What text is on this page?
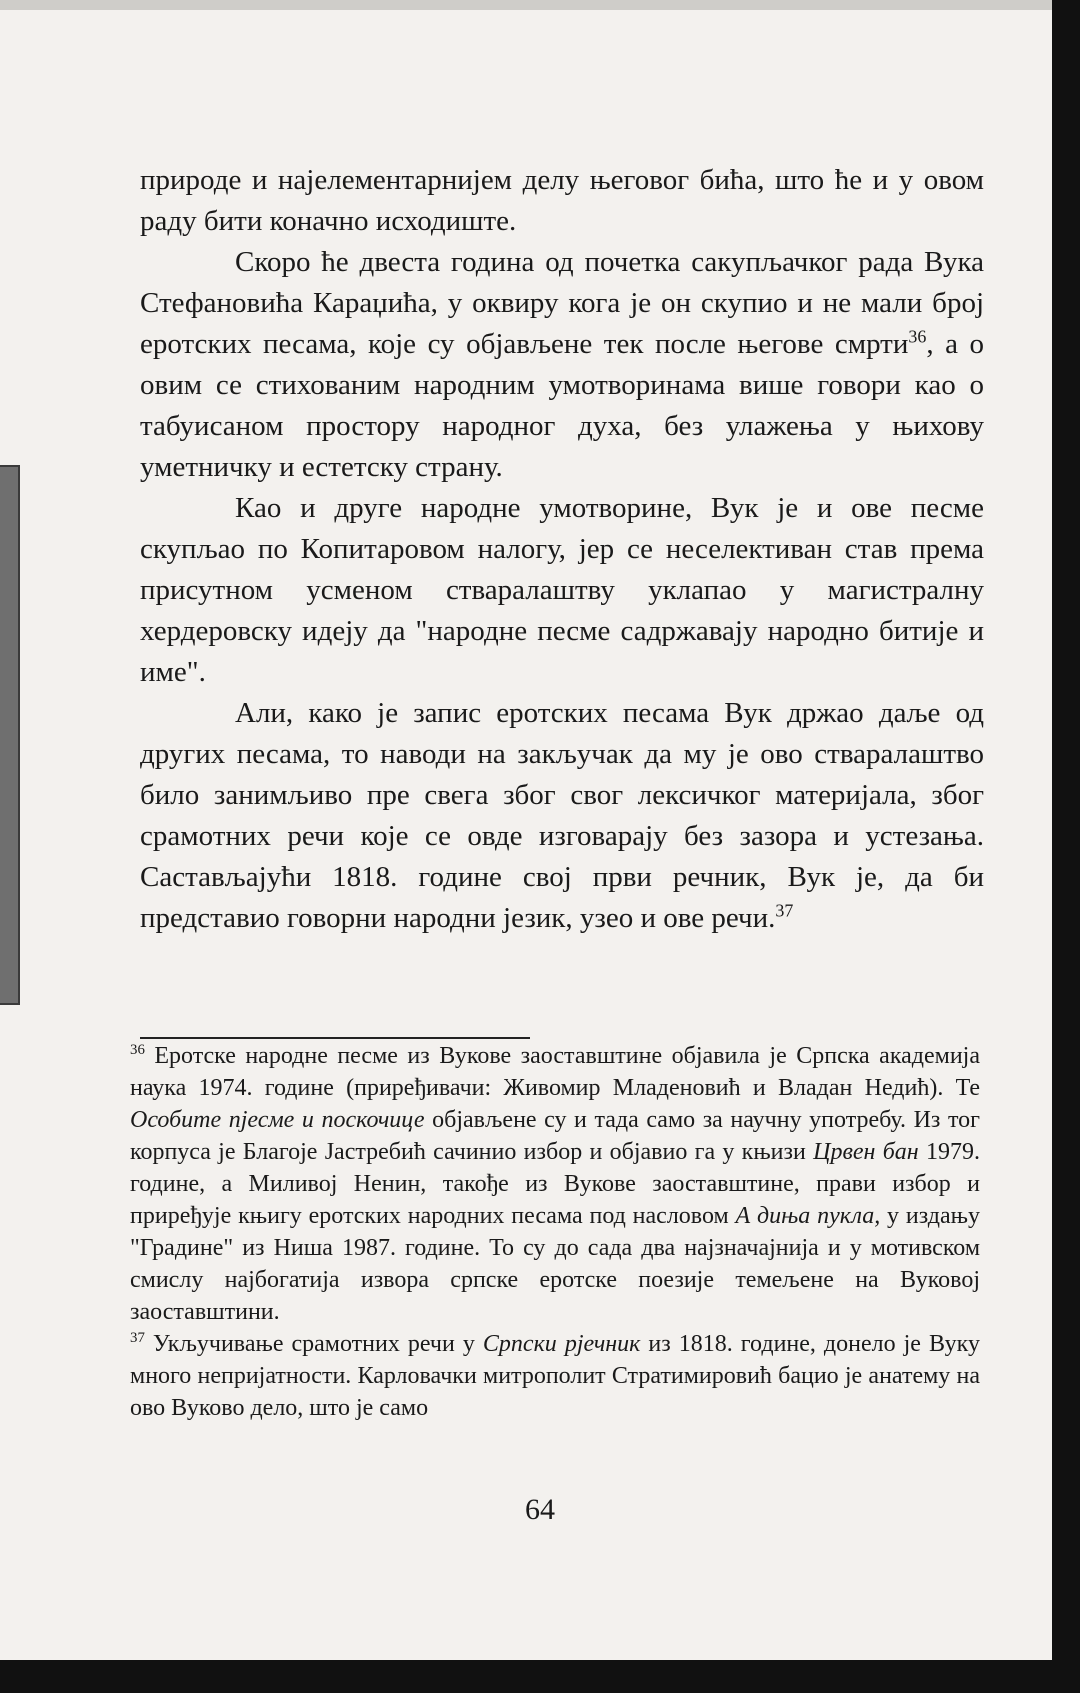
природе и најелементарнијем делу његовог бића, што ће и у овом раду бити коначно исходиште.

Скоро ће двеста година од почетка сакупљачког рада Вука Стефановића Караџића, у оквиру кога је он скупио и не мали број еротских песама, које су објављене тек после његове смрти$^{36}$, а о овим се стихованим народним умотворинама више говори као о табуисаном простору народног духа, без улажења у њихову уметничку и естетску страну.

Као и друге народне умотворине, Вук је и ове песме скупљао по Копитаровом налогу, јер се неселективан став према присутном усменом стваралаштву уклапао у магистралну хердеровску идеју да "народне песме садржавају народно битије и име".

Али, како је запис еротских песама Вук држао даље од других песама, то наводи на закључак да му је ово стваралаштво било занимљиво пре свега због свог лексичког материјала, због срамотних речи које се овде изговарају без зазора и устезања. Састављајући 1818. године свој први речник, Вук је, да би представио говорни народни језик, узео и ове речи.$^{37}$

$^{36}$ Еротске народне песме из Вукове заоставштине објавила је Српска академија наука 1974. године (приређивачи: Живомир Младеновић и Владан Недић). Те Особите пјесме и поскочице објављене су и тада само за научну употребу. Из тог корпуса је Благоје Јастребић сачинио избор и објавио га у књизи Црвен бан 1979. године, а Миливој Ненин, такође из Вукове заоставштине, прави избор и приређује књигу еротских народних песама под насловом А диња пукла, у издању "Градине" из Ниша 1987. године. То су до сада два најзначајнија и у мотивском смислу најбогатија извора српске еротске поезије темељене на Вуковој заоставштини.

$^{37}$ Укључивање срамотних речи у Српски рјечник из 1818. године, донело је Вуку много непријатности. Карловачки митрополит Стратимировић бацио је анатему на ово Вуково дело, што је само

64
